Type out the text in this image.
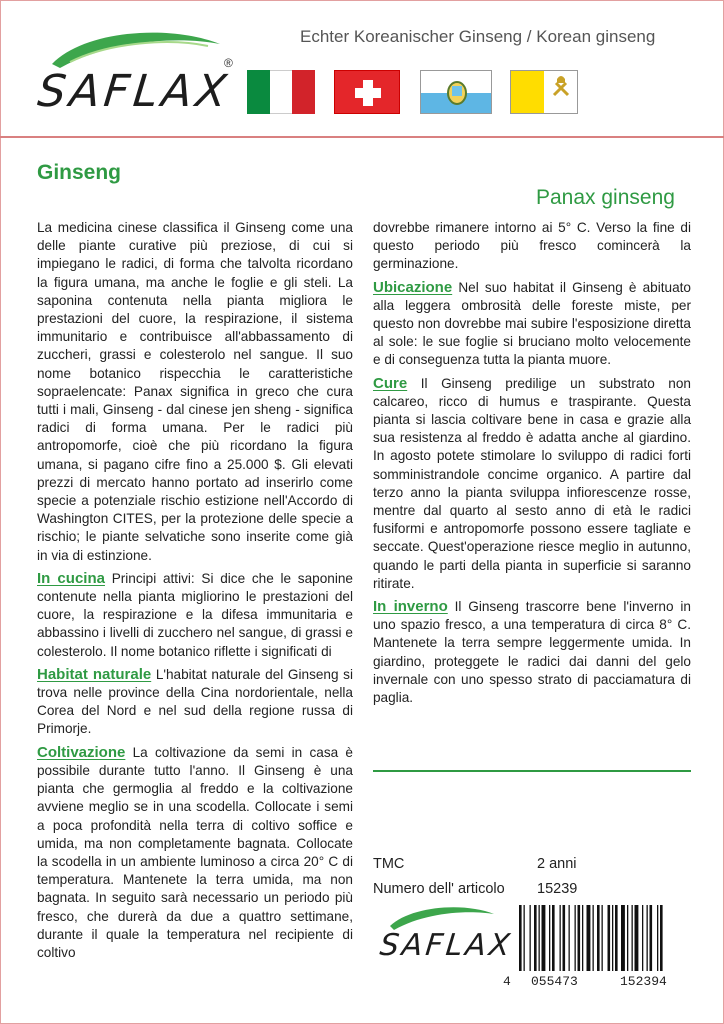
SAFLAX
®
Echter Koreanischer Ginseng / Korean ginseng
Ginseng
Panax ginseng

La medicina cinese classifica il Ginseng come una delle piante curative più preziose, di cui si impiegano le radici, di forma che talvolta ricordano la figura umana, ma anche le foglie e gli steli. La saponina contenuta nella pianta migliora le prestazioni del cuore, la respirazione, il sistema immunitario e contribuisce all'abbassamento di zuccheri, grassi e colesterolo nel sangue. Il suo nome botanico rispecchia le caratteristiche sopraelencate: Panax significa in greco che cura tutti i mali, Ginseng - dal cinese jen sheng - significa radici di forma umana. Per le radici più antropomorfe, cioè che più ricordano la figura umana, si pagano cifre fino a 25.000 $. Gli elevati prezzi di mercato hanno portato ad inserirlo come specie a potenziale rischio estizione nell'Accordo di Washington CITES, per la protezione delle specie a rischio; le piante selvatiche sono inserite come già in via di estinzione.

In cucina Principi attivi: Si dice che le saponine contenute nella pianta migliorino le prestazioni del cuore, la respirazione e la difesa immunitaria e abbassino i livelli di zucchero nel sangue, di grassi e colesterolo. Il nome botanico riflette i significati di

Habitat naturale L'habitat naturale del Ginseng si trova nelle province della Cina nordorientale, nella Corea del Nord e nel sud della regione russa di Primorje.

Coltivazione La coltivazione da semi in casa è possibile durante tutto l'anno. Il Ginseng è una pianta che germoglia al freddo e la coltivazione avviene meglio se in una scodella. Collocate i semi a poca profondità nella terra di coltivo soffice e umida, ma non completamente bagnata. Collocate la scodella in un ambiente luminoso a circa 20° C di temperatura. Mantenete la terra umida, ma non bagnata. In seguito sarà necessario un periodo più fresco, che durerà da due a quattro settimane, durante il quale la temperatura nel recipiente di coltivo

dovrebbe rimanere intorno ai 5° C. Verso la fine di questo periodo più fresco comincerà la germinazione.

Ubicazione Nel suo habitat il Ginseng è abituato alla leggera ombrosità delle foreste miste, per questo non dovrebbe mai subire l'esposizione diretta al sole: le sue foglie si bruciano molto velocemente e di conseguenza tutta la pianta muore.

Cure Il Ginseng predilige un substrato non calcareo, ricco di humus e traspirante. Questa pianta si lascia coltivare bene in casa e grazie alla sua resistenza al freddo è adatta anche al giardino. In agosto potete stimolare lo sviluppo di radici forti somministrandole concime organico. A partire dal terzo anno la pianta sviluppa infiorescenze rosse, mentre dal quarto al sesto anno di età le radici fusiformi e antropomorfe possono essere tagliate e seccate. Quest'operazione riesce meglio in autunno, quando le parti della pianta in superficie si saranno ritirate.

In inverno Il Ginseng trascorre bene l'inverno in uno spazio fresco, a una temperatura di circa 8° C. Mantenete la terra sempre leggermente umida. In giardino, proteggete le radici dai danni del gelo invernale con uno spesso strato di pacciamatura di paglia.

TMC	2 anni
Numero dell' articolo 15239
SAFLAX
4 055473	152394
